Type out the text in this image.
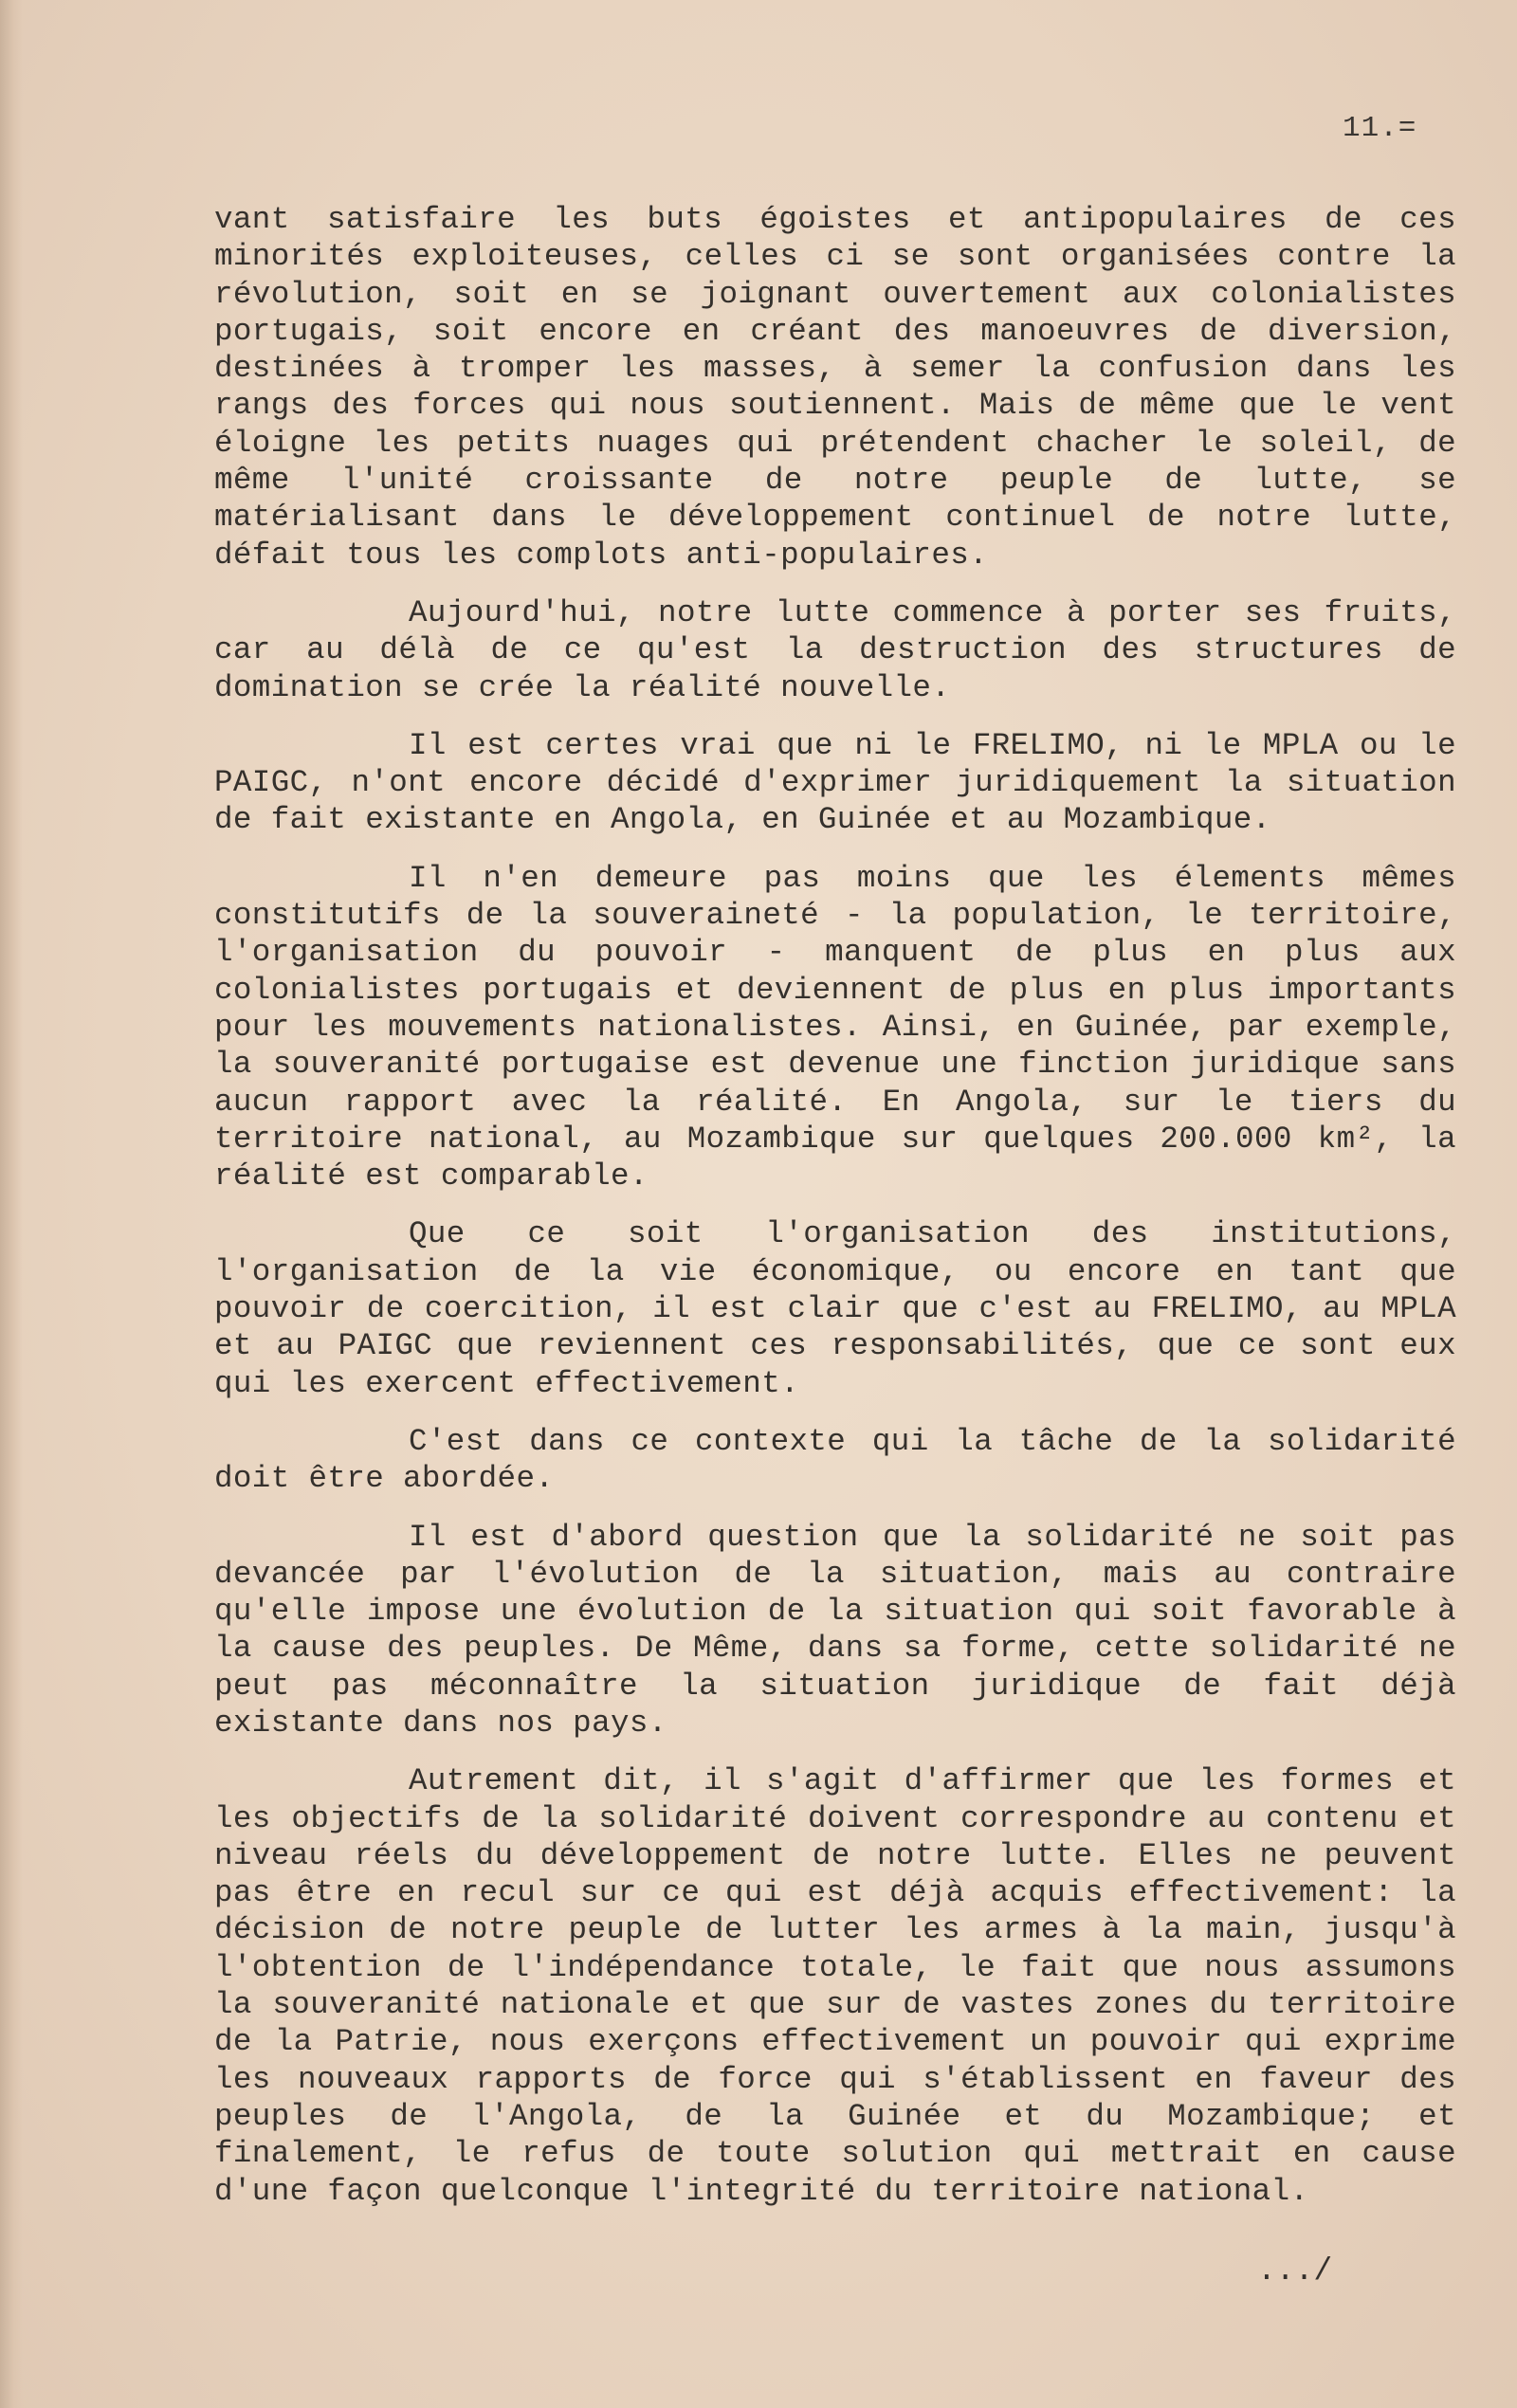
11.=

vant satisfaire les buts égoistes et antipopulaires de ces minorités exploiteuses, celles ci se sont organisées contre la révolution, soit en se joignant ouvertement aux colonialistes portugais, soit encore en créant des manoeuvres de diversion, destinées à tromper les masses, à semer la confusion dans les rangs des forces qui nous soutiennent. Mais de même que le vent éloigne les petits nuages qui prétendent chacher le soleil, de même l'unité croissante de notre peuple de lutte, se matérialisant dans le développement continuel de notre lutte, défait tous les complots anti-populaires.

Aujourd'hui, notre lutte commence à porter ses fruits, car au délà de ce qu'est la destruction des structures de domination se crée la réalité nouvelle.

Il est certes vrai que ni le FRELIMO, ni le MPLA ou le PAIGC, n'ont encore décidé d'exprimer juridiquement la situation de fait existante en Angola, en Guinée et au Mozambique.

Il n'en demeure pas moins que les élements mêmes constitutifs de la souveraineté - la population, le territoire, l'organisation du pouvoir - manquent de plus en plus aux colonialistes portugais et deviennent de plus en plus importants pour les mouvements nationalistes. Ainsi, en Guinée, par exemple, la souveranité portugaise est devenue une finction juridique sans aucun rapport avec la réalité. En Angola, sur le tiers du territoire national, au Mozambique sur quelques 200.000 km², la réalité est comparable.

Que ce soit l'organisation des institutions, l'organisation de la vie économique, ou encore en tant que pouvoir de coercition, il est clair que c'est au FRELIMO, au MPLA et au PAIGC que reviennent ces responsabilités, que ce sont eux qui les exercent effectivement.

C'est dans ce contexte qui la tâche de la solidarité doit être abordée.

Il est d'abord question que la solidarité ne soit pas devancée par l'évolution de la situation, mais au contraire qu'elle impose une évolution de la situation qui soit favorable à la cause des peuples. De Même, dans sa forme, cette solidarité ne peut pas méconnaître la situation juridique de fait déjà existante dans nos pays.

Autrement dit, il s'agit d'affirmer que les formes et les objectifs de la solidarité doivent correspondre au contenu et niveau réels du développement de notre lutte. Elles ne peuvent pas être en recul sur ce qui est déjà acquis effectivement: la décision de notre peuple de lutter les armes à la main, jusqu'à l'obtention de l'indépendance totale, le fait que nous assumons la souveranité nationale et que sur de vastes zones du territoire de la Patrie, nous exerçons effectivement un pouvoir qui exprime les nouveaux rapports de force qui s'établissent en faveur des peuples de l'Angola, de la Guinée et du Mozambique; et finalement, le refus de toute solution qui mettrait en cause d'une façon quelconque l'integrité du territoire national.

.../
